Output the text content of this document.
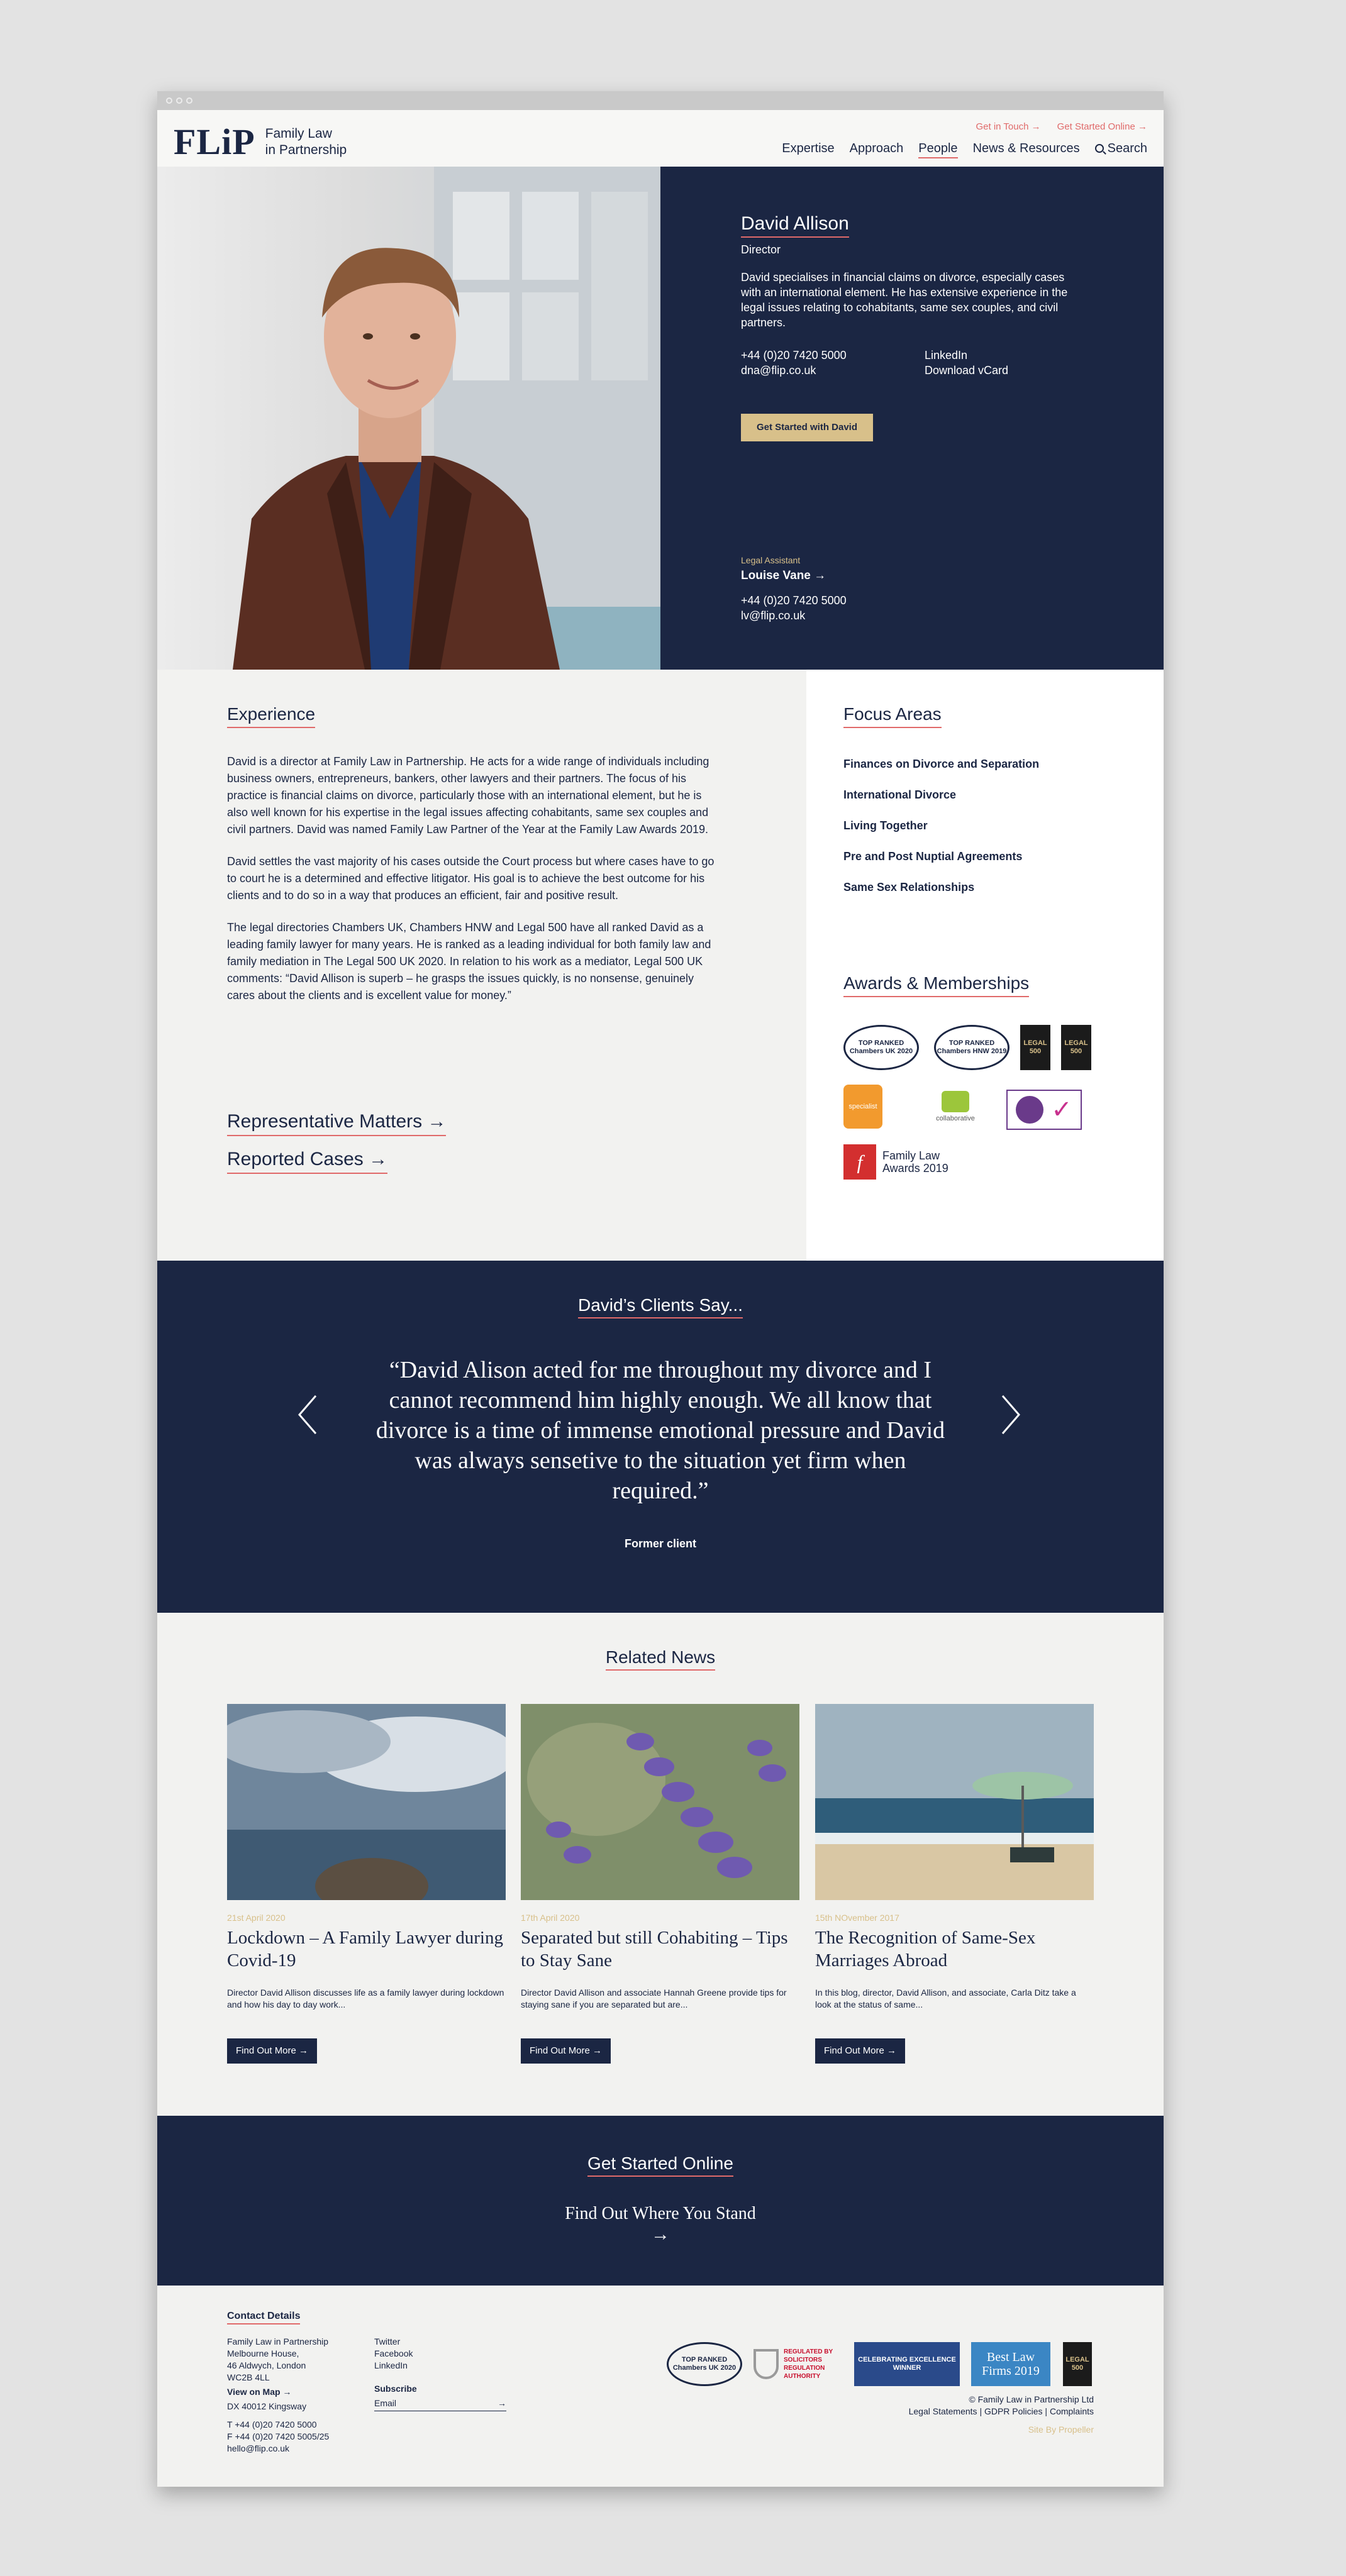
FLiP Family Law
in Partnership
Get in Touch → Get Started Online →
Expertise Approach People News & Resources	Search
David Allison
Director
David specialises in financial claims on divorce, especially cases with an international element. He has extensive experience in the legal issues relating to cohabitants, same sex couples, and civil partners.
+44 (0)20 7420 5000
dna@flip.co.uk
LinkedIn
Download vCard
Get Started with David
Legal Assistant
Louise Vane →
+44 (0)20 7420 5000
lv@flip.co.uk
Experience

David is a director at Family Law in Partnership. He acts for a wide range of individuals including business owners, entrepreneurs, bankers, other lawyers and their partners. The focus of his practice is financial claims on divorce, particularly those with an international element, but he is also well known for his expertise in the legal issues affecting cohabitants, same sex couples and civil partners. David was named Family Law Partner of the Year at the Family Law Awards 2019.

David settles the vast majority of his cases outside the Court process but where cases have to go to court he is a determined and effective litigator. His goal is to achieve the best outcome for his clients and to do so in a way that produces an efficient, fair and positive result.

The legal directories Chambers UK, Chambers HNW and Legal 500 have all ranked David as a leading family lawyer for many years. He is ranked as a leading individual for both family law and family mediation in The Legal 500 UK 2020. In relation to his work as a mediator, Legal 500 UK comments: “David Allison is superb – he grasps the issues quickly, is no nonsense, genuinely cares about the clients and is excellent value for money.”

Representative Matters →
Reported Cases →
Focus Areas
Finances on Divorce and Separation
International Divorce
Living Together
Pre and Post Nuptial Agreements
Same Sex Relationships
Awards & Memberships
TOP RANKED Chambers UK 2020
TOP RANKED Chambers HNW 2019
LEGAL 500
LEGAL 500
specialist
collaborative	✓
f	Family Law
Awards 2019
David’s Clients Say...
“David Alison acted for me throughout my divorce and I cannot recommend him highly enough. We all know that divorce is a time of immense emotional pressure and David was always sensetive to the situation yet firm when required.”
Former client
Related News
21st April 2020
Lockdown – A Family Lawyer during Covid-19
Director David Allison discusses life as a family lawyer during lockdown and how his day to day work...
Find Out More →
17th April 2020
Separated but still Cohabiting – Tips to Stay Sane
Director David Allison and associate Hannah Greene provide tips for staying sane if you are separated but are...
Find Out More →
15th NOvember 2017
The Recognition of Same-Sex Marriages Abroad
In this blog, director, David Allison, and associate, Carla Ditz take a look at the status of same...
Find Out More →
Get Started Online
Find Out Where You Stand
→
Contact Details
Family Law in Partnership
Melbourne House,
46 Aldwych, London
WC2B 4LL
View on Map →
DX 40012 Kingsway
T +44 (0)20 7420 5000
F +44 (0)20 7420 5005/25
hello@flip.co.uk
Twitter
Facebook
LinkedIn
Subscribe
Email	→
TOP RANKED Chambers UK 2020
REGULATED BY SOLICITORS REGULATION AUTHORITY
CELEBRATING EXCELLENCE WINNER
Best Law Firms 2019
LEGAL 500
© Family Law in Partnership Ltd
Legal Statements | GDPR Policies | Complaints
Site By Propeller
